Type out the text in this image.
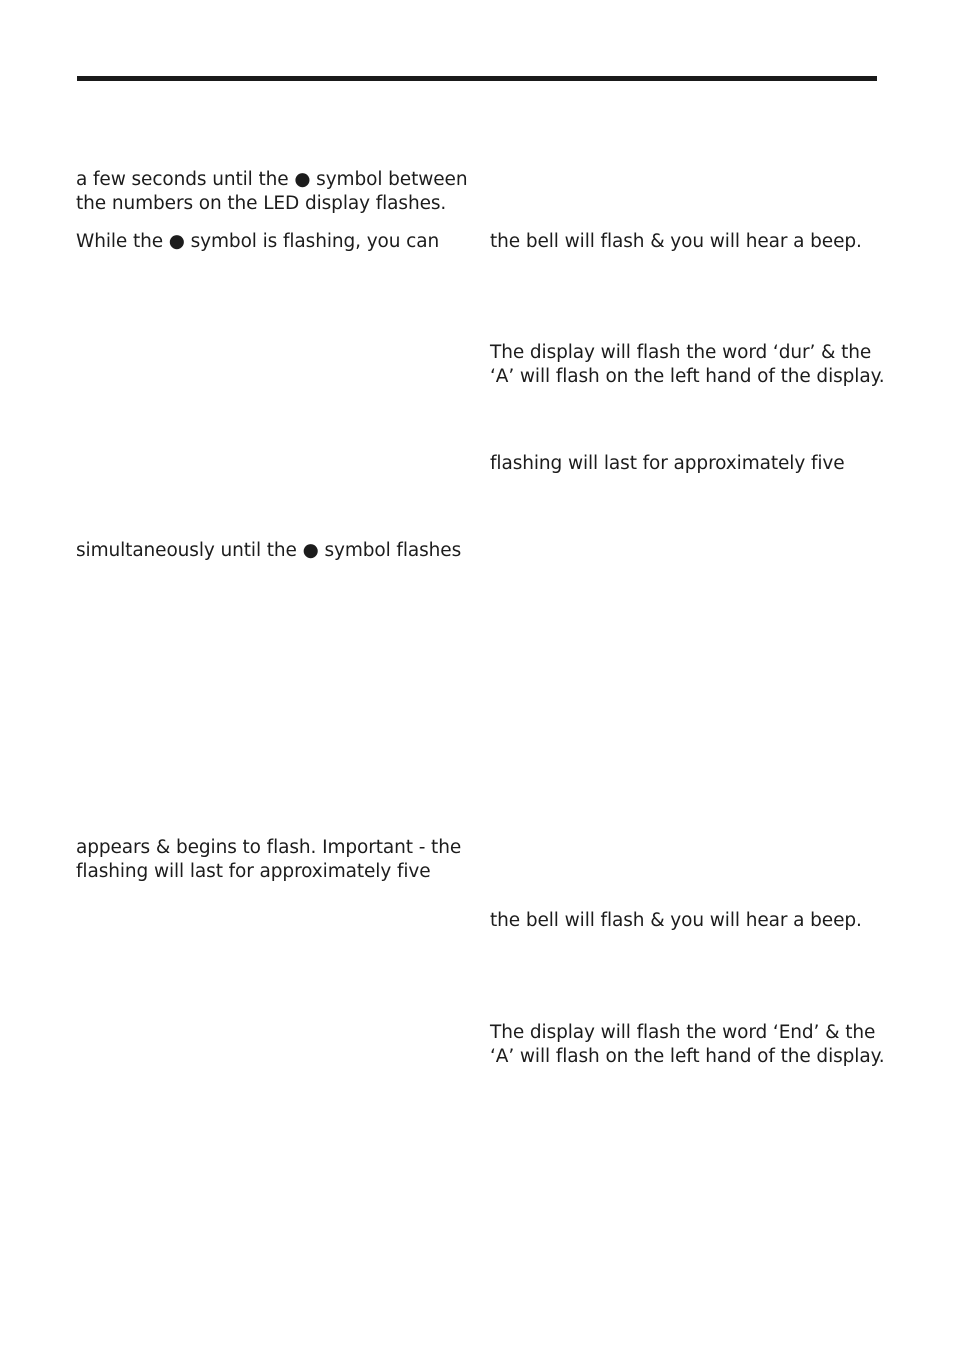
a few seconds until the ● symbol between
the numbers on the LED display flashes.

While the ● symbol is flashing, you can

simultaneously until the ● symbol flashes

appears & begins to flash. Important - the
flashing will last for approximately five

the bell will flash & you will hear a beep.

The display will flash the word ‘dur’ & the
‘A’ will flash on the left hand of the display.

flashing will last for approximately five

the bell will flash & you will hear a beep.

The display will flash the word ‘End’ & the
‘A’ will flash on the left hand of the display.
